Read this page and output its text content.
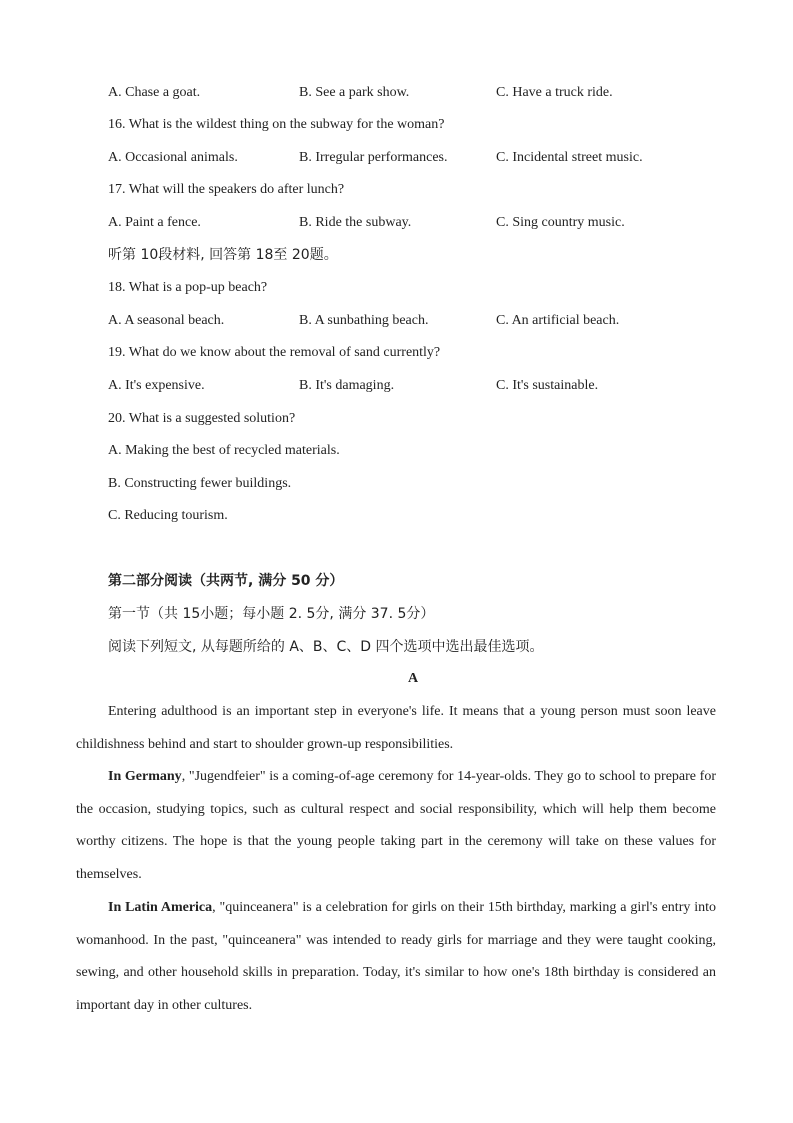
A. Chase a goat.	B. See a park show.	C. Have a truck ride.
16. What is the wildest thing on the subway for the woman?
A. Occasional animals.	B. Irregular performances.	C. Incidental street music.
17. What will the speakers do after lunch?
A. Paint a fence.	B. Ride the subway.	C. Sing country music.
听第 10段材料, 回答第 18至 20题。
18. What is a pop-up beach?
A. A seasonal beach.	B. A sunbathing beach.	C. An artificial beach.
19. What do we know about the removal of sand currently?
A. It's expensive.	B. It's damaging.	C. It's sustainable.
20. What is a suggested solution?
A. Making the best of recycled materials.
B. Constructing fewer buildings.
C. Reducing tourism.
第二部分阅读（共两节, 满分 50 分）
第一节（共 15小题；每小题 2. 5分, 满分 37. 5分）
阅读下列短文, 从每题所给的 A、B、C、D 四个选项中选出最佳选项。
A
Entering adulthood is an important step in everyone's life. It means that a young person must soon leave childishness behind and start to shoulder grown-up responsibilities.
In Germany, "Jugendfeier" is a coming-of-age ceremony for 14-year-olds. They go to school to prepare for the occasion, studying topics, such as cultural respect and social responsibility, which will help them become worthy citizens. The hope is that the young people taking part in the ceremony will take on these values for themselves.
In Latin America, "quinceanera" is a celebration for girls on their 15th birthday, marking a girl's entry into womanhood. In the past, "quinceanera" was intended to ready girls for marriage and they were taught cooking, sewing, and other household skills in preparation. Today, it's similar to how one's 18th birthday is considered an important day in other cultures.
